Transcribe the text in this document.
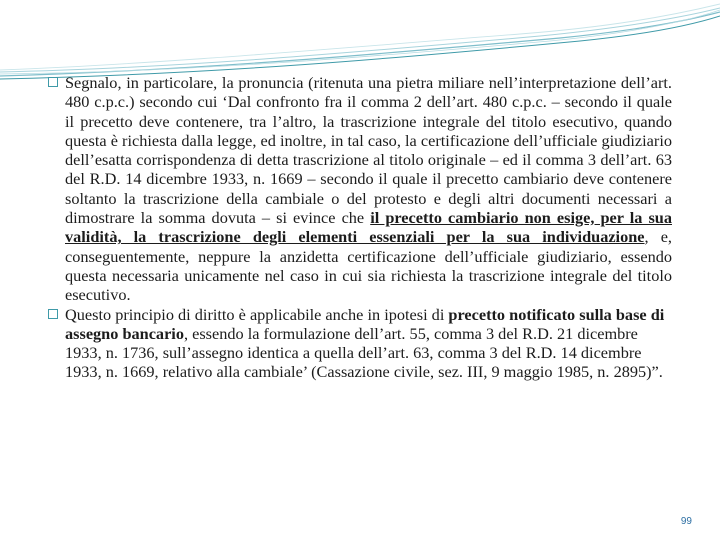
Segnalo, in particolare, la pronuncia (ritenuta una pietra miliare nell’interpretazione dell’art. 480 c.p.c.) secondo cui ‘Dal confronto fra il comma 2 dell’art. 480 c.p.c. – secondo il quale il precetto deve contenere, tra l’altro, la trascrizione integrale del titolo esecutivo, quando questa è richiesta dalla legge, ed inoltre, in tal caso, la certificazione dell’ufficiale giudiziario dell’esatta corrispondenza di detta trascrizione al titolo originale – ed il comma 3 dell’art. 63 del R.D. 14 dicembre 1933, n. 1669 – secondo il quale il precetto cambiario deve contenere soltanto la trascrizione della cambiale o del protesto e degli altri documenti necessari a dimostrare la somma dovuta – si evince che il precetto cambiario non esige, per la sua validità, la trascrizione degli elementi essenziali per la sua individuazione, e, conseguentemente, neppure la anzidetta certificazione dell’ufficiale giudiziario, essendo questa necessaria unicamente nel caso in cui sia richiesta la trascrizione integrale del titolo esecutivo.
Questo principio di diritto è applicabile anche in ipotesi di precetto notificato sulla base di assegno bancario, essendo la formulazione dell’art. 55, comma 3 del R.D. 21 dicembre 1933, n. 1736, sull’assegno identica a quella dell’art. 63, comma 3 del R.D. 14 dicembre 1933, n. 1669, relativo alla cambiale’ (Cassazione civile, sez. III, 9 maggio 1985, n. 2895)”.
99
